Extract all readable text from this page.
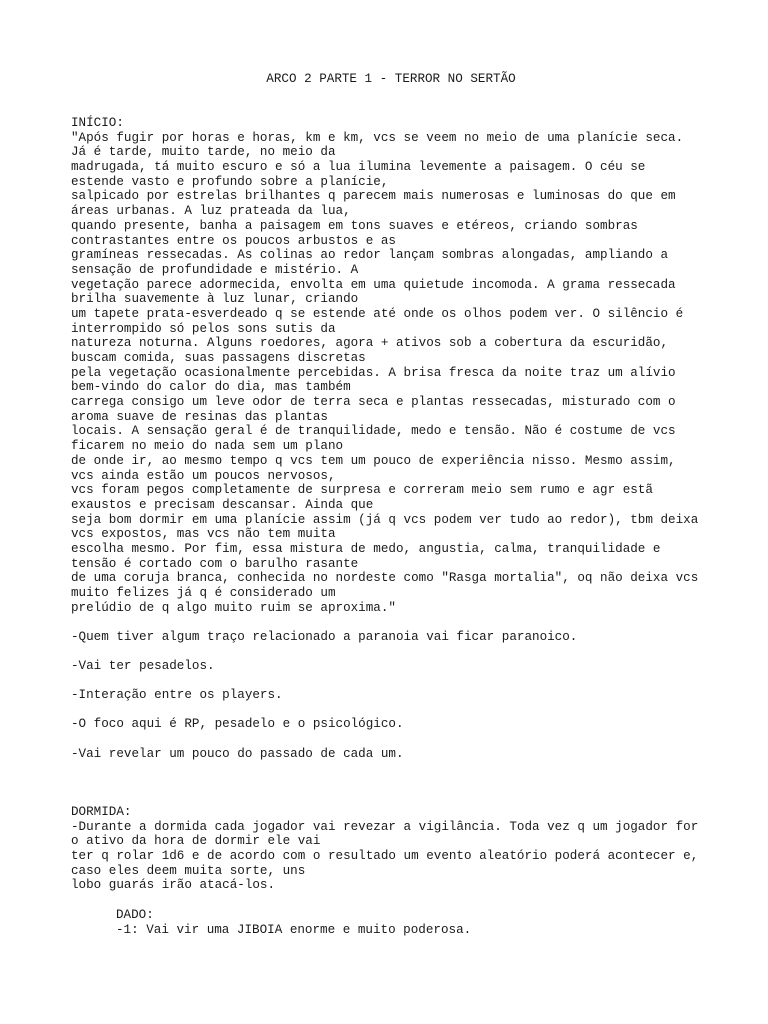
ARCO 2 PARTE 1 - TERROR NO SERTÃO
INÍCIO:
"Após fugir por horas e horas, km e km, vcs se veem no meio de uma planície seca.
Já é tarde, muito tarde, no meio da
madrugada, tá muito escuro e só a lua ilumina levemente a paisagem. O céu se
estende vasto e profundo sobre a planície,
salpicado por estrelas brilhantes q parecem mais numerosas e luminosas do que em
áreas urbanas. A luz prateada da lua,
quando presente, banha a paisagem em tons suaves e etéreos, criando sombras
contrastantes entre os poucos arbustos e as
gramíneas ressecadas. As colinas ao redor lançam sombras alongadas, ampliando a
sensação de profundidade e mistério. A
vegetação parece adormecida, envolta em uma quietude incomoda. A grama ressecada
brilha suavemente à luz lunar, criando
um tapete prata-esverdeado q se estende até onde os olhos podem ver. O silêncio é
interrompido só pelos sons sutis da
natureza noturna. Alguns roedores, agora + ativos sob a cobertura da escuridão,
buscam comida, suas passagens discretas
pela vegetação ocasionalmente percebidas. A brisa fresca da noite traz um alívio
bem-vindo do calor do dia, mas também
carrega consigo um leve odor de terra seca e plantas ressecadas, misturado com o
aroma suave de resinas das plantas
locais. A sensação geral é de tranquilidade, medo e tensão. Não é costume de vcs
ficarem no meio do nada sem um plano
de onde ir, ao mesmo tempo q vcs tem um pouco de experiência nisso. Mesmo assim,
vcs ainda estão um poucos nervosos,
vcs foram pegos completamente de surpresa e correram meio sem rumo e agr estã
exaustos e precisam descansar. Ainda que
seja bom dormir em uma planície assim (já q vcs podem ver tudo ao redor), tbm deixa
vcs expostos, mas vcs não tem muita
escolha mesmo. Por fim, essa mistura de medo, angustia, calma, tranquilidade e
tensão é cortado com o barulho rasante
de uma coruja branca, conhecida no nordeste como "Rasga mortalia", oq não deixa vcs
muito felizes já q é considerado um
prelúdio de q algo muito ruim se aproxima."
-Quem tiver algum traço relacionado a paranoia vai ficar paranoico.
-Vai ter pesadelos.
-Interação entre os players.
-O foco aqui é RP, pesadelo e o psicológico.
-Vai revelar um pouco do passado de cada um.
DORMIDA:
-Durante a dormida cada jogador vai revezar a vigilância. Toda vez q um jogador for
o ativo da hora de dormir ele vai
ter q rolar 1d6 e de acordo com o resultado um evento aleatório poderá acontecer e,
caso eles deem muita sorte, uns
lobo guarás irão atacá-los.
DADO:
-1: Vai vir uma JIBOIA enorme e muito poderosa.
